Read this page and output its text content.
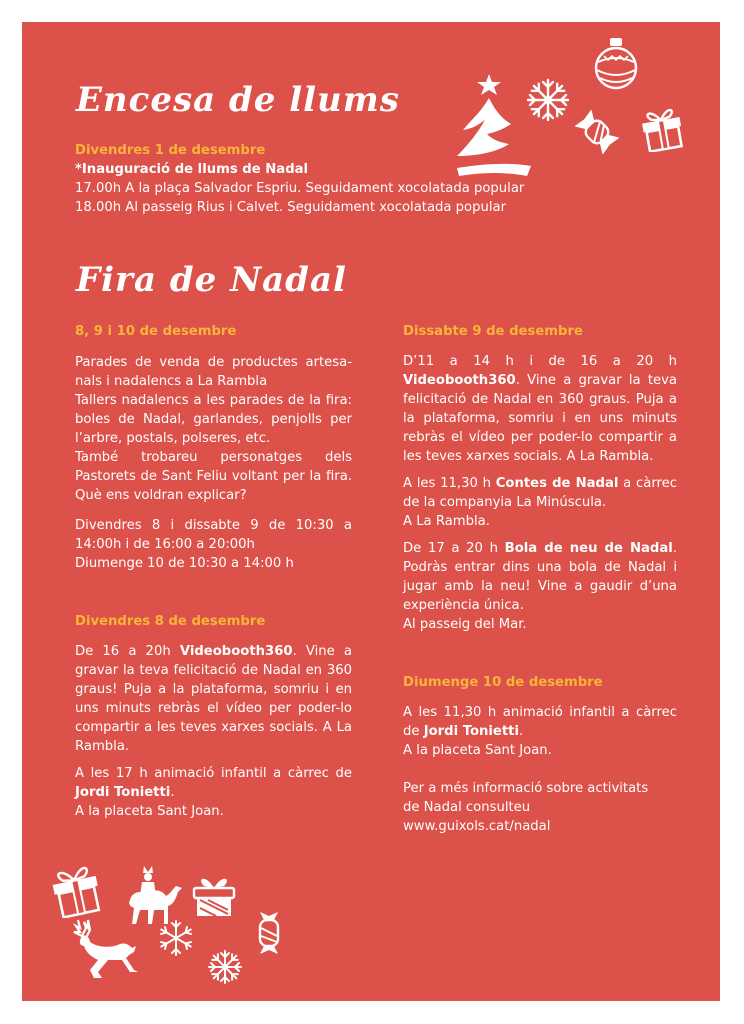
Encesa de llums

Divendres 1 de desembre

*Inauguració de llums de Nadal

17.00h A la plaça Salvador Espriu. Seguidament xocolatada popular

18.00h Al passeig Rius i Calvet. Seguidament xocolatada popular

Fira de Nadal

8, 9 i 10 de desembre

Parades de venda de productes artesanals i nadalencs a La Rambla

Tallers nadalencs a les parades de la fira: boles de Nadal, garlandes, penjolls per l’arbre, postals, polseres, etc.

També trobareu personatges dels Pastorets de Sant Feliu voltant per la fira. Què ens voldran explicar?

Divendres 8 i dissabte 9 de 10:30 a 14:00h i de 16:00 a 20:00h

Diumenge 10 de 10:30 a 14:00 h

Divendres 8 de desembre

De 16 a 20h Videobooth360. Vine a gravar la teva felicitació de Nadal en 360 graus! Puja a la plataforma, somriu i en uns minuts rebràs el vídeo per poder-lo compartir a les teves xarxes socials. A La Rambla.

A les 17 h animació infantil a càrrec de Jordi Tonietti.

A la placeta Sant Joan.

Dissabte 9 de desembre

D’11 a 14 h i de 16 a 20 h Videobooth360. Vine a gravar la teva felicitació de Nadal en 360 graus. Puja a la plataforma, somriu i en uns minuts rebràs el vídeo per poder-lo compartir a les teves xarxes socials. A La Rambla.

A les 11,30 h Contes de Nadal a càrrec de la companyia La Minúscula.

A La Rambla.

De 17 a 20 h Bola de neu de Nadal. Podràs entrar dins una bola de Nadal i jugar amb la neu! Vine a gaudir d’una experiència única.

Al passeig del Mar.

Diumenge 10 de desembre

A les 11,30 h animació infantil a càrrec de Jordi Tonietti.

A la placeta Sant Joan.

Per a més informació sobre activitats

de Nadal consulteu

www.guixols.cat/nadal
